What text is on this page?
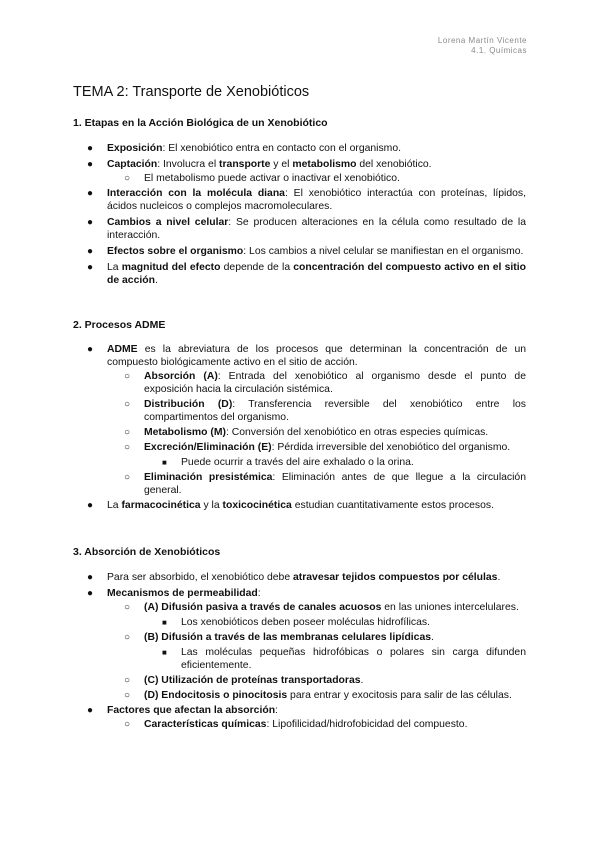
Lorena Martín Vicente
4.1. Químicas
TEMA 2: Transporte de Xenobióticos
1. Etapas en la Acción Biológica de un Xenobiótico
● Exposición: El xenobiótico entra en contacto con el organismo.
● Captación: Involucra el transporte y el metabolismo del xenobiótico.
○ El metabolismo puede activar o inactivar el xenobiótico.
● Interacción con la molécula diana: El xenobiótico interactúa con proteínas, lípidos, ácidos nucleicos o complejos macromoleculares.
● Cambios a nivel celular: Se producen alteraciones en la célula como resultado de la interacción.
● Efectos sobre el organismo: Los cambios a nivel celular se manifiestan en el organismo.
● La magnitud del efecto depende de la concentración del compuesto activo en el sitio de acción.
2. Procesos ADME
● ADME es la abreviatura de los procesos que determinan la concentración de un compuesto biológicamente activo en el sitio de acción.
○ Absorción (A): Entrada del xenobiótico al organismo desde el punto de exposición hacia la circulación sistémica.
○ Distribución (D): Transferencia reversible del xenobiótico entre los compartimentos del organismo.
○ Metabolismo (M): Conversión del xenobiótico en otras especies químicas.
○ Excreción/Eliminación (E): Pérdida irreversible del xenobiótico del organismo.
■ Puede ocurrir a través del aire exhalado o la orina.
○ Eliminación presistémica: Eliminación antes de que llegue a la circulación general.
● La farmacocinética y la toxicocinética estudian cuantitativamente estos procesos.
3. Absorción de Xenobióticos
● Para ser absorbido, el xenobiótico debe atravesar tejidos compuestos por células.
● Mecanismos de permeabilidad:
○ (A) Difusión pasiva a través de canales acuosos en las uniones intercelulares.
■ Los xenobióticos deben poseer moléculas hidrofílicas.
○ (B) Difusión a través de las membranas celulares lipídicas.
■ Las moléculas pequeñas hidrofóbicas o polares sin carga difunden eficientemente.
○ (C) Utilización de proteínas transportadoras.
○ (D) Endocitosis o pinocitosis para entrar y exocitosis para salir de las células.
● Factores que afectan la absorción:
○ Características químicas: Lipofilicidad/hidrofobicidad del compuesto.
